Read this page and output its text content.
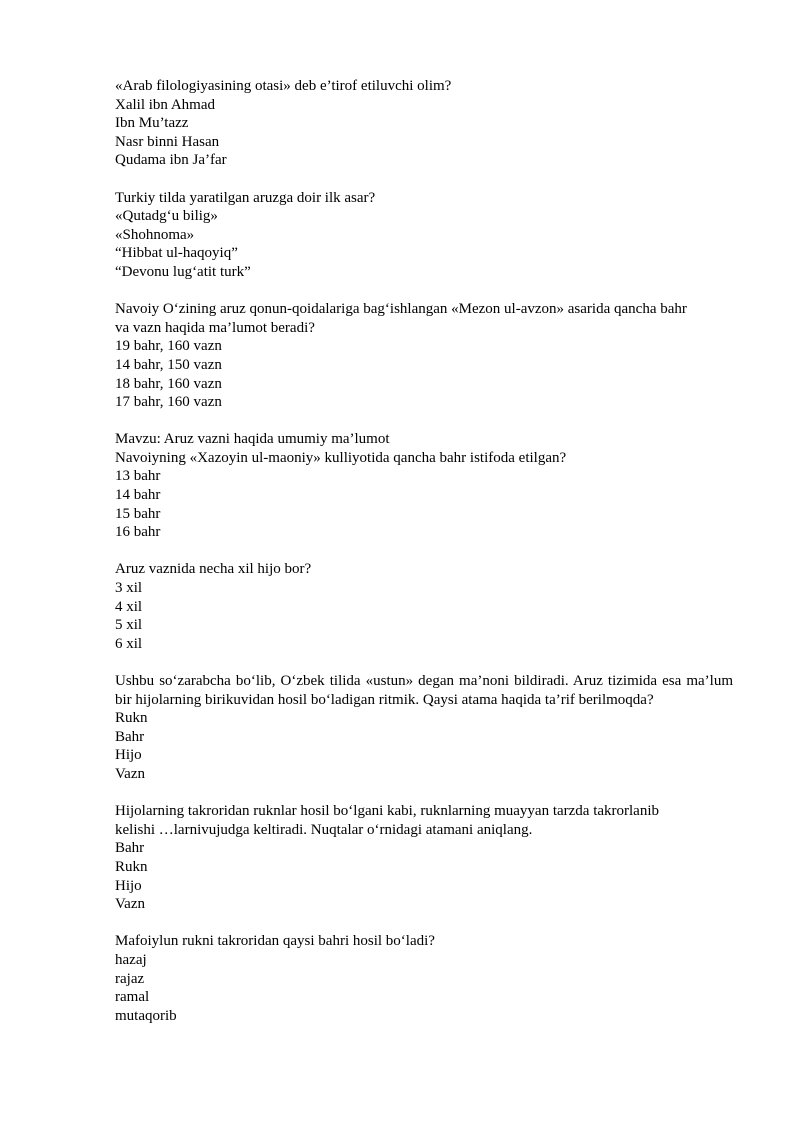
«Arab filologiyasining otasi» deb e’tirof etiluvchi olim?
Xalil ibn Ahmad
Ibn Mu’tazz
Nasr binni Hasan
Qudama ibn Ja’far
Turkiy tilda yaratilgan aruzga doir ilk asar?
«Qutadg‘u bilig»
«Shohnoma»
“Hibbat ul-haqoyiq”
“Devonu lug‘atit turk”
Navoiy O‘zining aruz qonun-qoidalariga bag‘ishlangan «Mezon ul-avzon» asarida qancha bahr
va vazn haqida ma’lumot beradi?
19 bahr, 160 vazn
14 bahr, 150 vazn
18 bahr, 160 vazn
17 bahr, 160 vazn
Mavzu: Aruz vazni haqida umumiy ma’lumot
Navoiyning «Xazoyin ul-maoniy» kulliyotida qancha bahr istifoda etilgan?
13 bahr
14 bahr
15 bahr
16 bahr
Aruz vaznida necha xil hijo bor?
3 xil
4 xil
5 xil
6 xil
Ushbu so‘zarabcha bo‘lib, O‘zbek tilida «ustun» degan ma’noni bildiradi. Aruz tizimida esa ma’lum bir hijolarning birikuvidan hosil bo‘ladigan ritmik. Qaysi atama haqida ta’rif berilmoqda?
Rukn
Bahr
Hijo
Vazn
Hijolarning takroridan ruknlar hosil bo‘lgani kabi, ruknlarning muayyan tarzda takrorlanib
kelishi …larnivujudga keltiradi. Nuqtalar o‘rnidagi atamani aniqlang.
Bahr
Rukn
Hijo
Vazn
Mafoiylun rukni takroridan qaysi bahri hosil bo‘ladi?
hazaj
rajaz
ramal
mutaqorib
